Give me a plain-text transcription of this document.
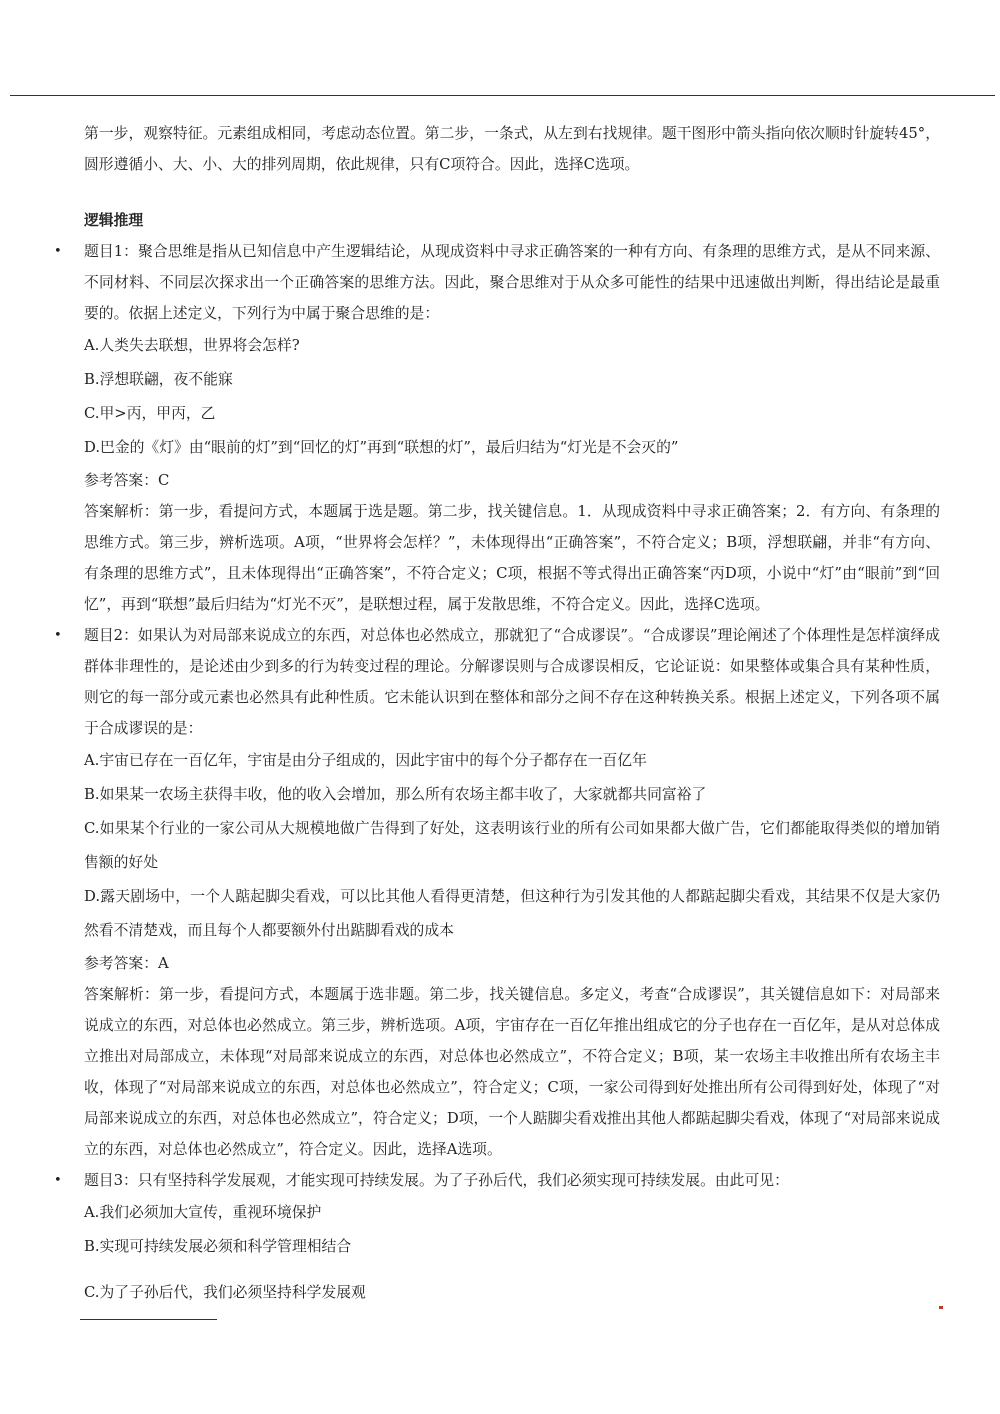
第一步，观察特征。元素组成相同，考虑动态位置。第二步，一条式，从左到右找规律。题干图形中箭头指向依次顺时针旋转45°，圆形遵循小、大、小、大的排列周期，依此规律，只有C项符合。因此，选择C选项。

逻辑推理
• 题目1：聚合思维是指从已知信息中产生逻辑结论，从现成资料中寻求正确答案的一种有方向、有条理的思维方式，是从不同来源、不同材料、不同层次探求出一个正确答案的思维方法。因此，聚合思维对于从众多可能性的结果中迅速做出判断，得出结论是最重要的。依据上述定义，下列行为中属于聚合思维的是：

A.人类失去联想，世界将会怎样?

B.浮想联翩，夜不能寐

C.甲>丙，甲丙，乙

D.巴金的《灯》由“眼前的灯”到“回忆的灯”再到“联想的灯”，最后归结为“灯光是不会灭的”

参考答案：C

答案解析：第一步，看提问方式，本题属于选是题。第二步，找关键信息。1．从现成资料中寻求正确答案；2．有方向、有条理的思维方式。第三步，辨析选项。A项，“世界将会怎样？”，未体现得出“正确答案”，不符合定义；B项，浮想联翩，并非“有方向、有条理的思维方式”，且未体现得出“正确答案”，不符合定义；C项，根据不等式得出正确答案“丙D项，小说中“灯”由“眼前”到“回忆”，再到“联想”最后归结为“灯光不灭”，是联想过程，属于发散思维，不符合定义。因此，选择C选项。

• 题目2：如果认为对局部来说成立的东西，对总体也必然成立，那就犯了“合成谬误”。“合成谬误”理论阐述了个体理性是怎样演绎成群体非理性的，是论述由少到多的行为转变过程的理论。分解谬误则与合成谬误相反，它论证说：如果整体或集合具有某种性质，则它的每一部分或元素也必然具有此种性质。它未能认识到在整体和部分之间不存在这种转换关系。根据上述定义，下列各项不属于合成谬误的是：

A.宇宙已存在一百亿年，宇宙是由分子组成的，因此宇宙中的每个分子都存在一百亿年

B.如果某一农场主获得丰收，他的收入会增加，那么所有农场主都丰收了，大家就都共同富裕了

C.如果某个行业的一家公司从大规模地做广告得到了好处，这表明该行业的所有公司如果都大做广告，它们都能取得类似的增加销售额的好处

D.露天剧场中，一个人踮起脚尖看戏，可以比其他人看得更清楚，但这种行为引发其他的人都踮起脚尖看戏，其结果不仅是大家仍然看不清楚戏，而且每个人都要额外付出踮脚看戏的成本

参考答案：A

答案解析：第一步，看提问方式，本题属于选非题。第二步，找关键信息。多定义，考查“合成谬误”，其关键信息如下：对局部来说成立的东西，对总体也必然成立。第三步，辨析选项。A项，宇宙存在一百亿年推出组成它的分子也存在一百亿年，是从对总体成立推出对局部成立，未体现“对局部来说成立的东西，对总体也必然成立”，不符合定义；B项，某一农场主丰收推出所有农场主丰收，体现了“对局部来说成立的东西，对总体也必然成立”，符合定义；C项，一家公司得到好处推出所有公司得到好处，体现了“对局部来说成立的东西，对总体也必然成立”，符合定义；D项，一个人踮脚尖看戏推出其他人都踮起脚尖看戏，体现了“对局部来说成立的东西，对总体也必然成立”，符合定义。因此，选择A选项。

• 题目3：只有坚持科学发展观，才能实现可持续发展。为了子孙后代，我们必须实现可持续发展。由此可见：

A.我们必须加大宣传，重视环境保护

B.实现可持续发展必须和科学管理相结合

C.为了子孙后代，我们必须坚持科学发展观
